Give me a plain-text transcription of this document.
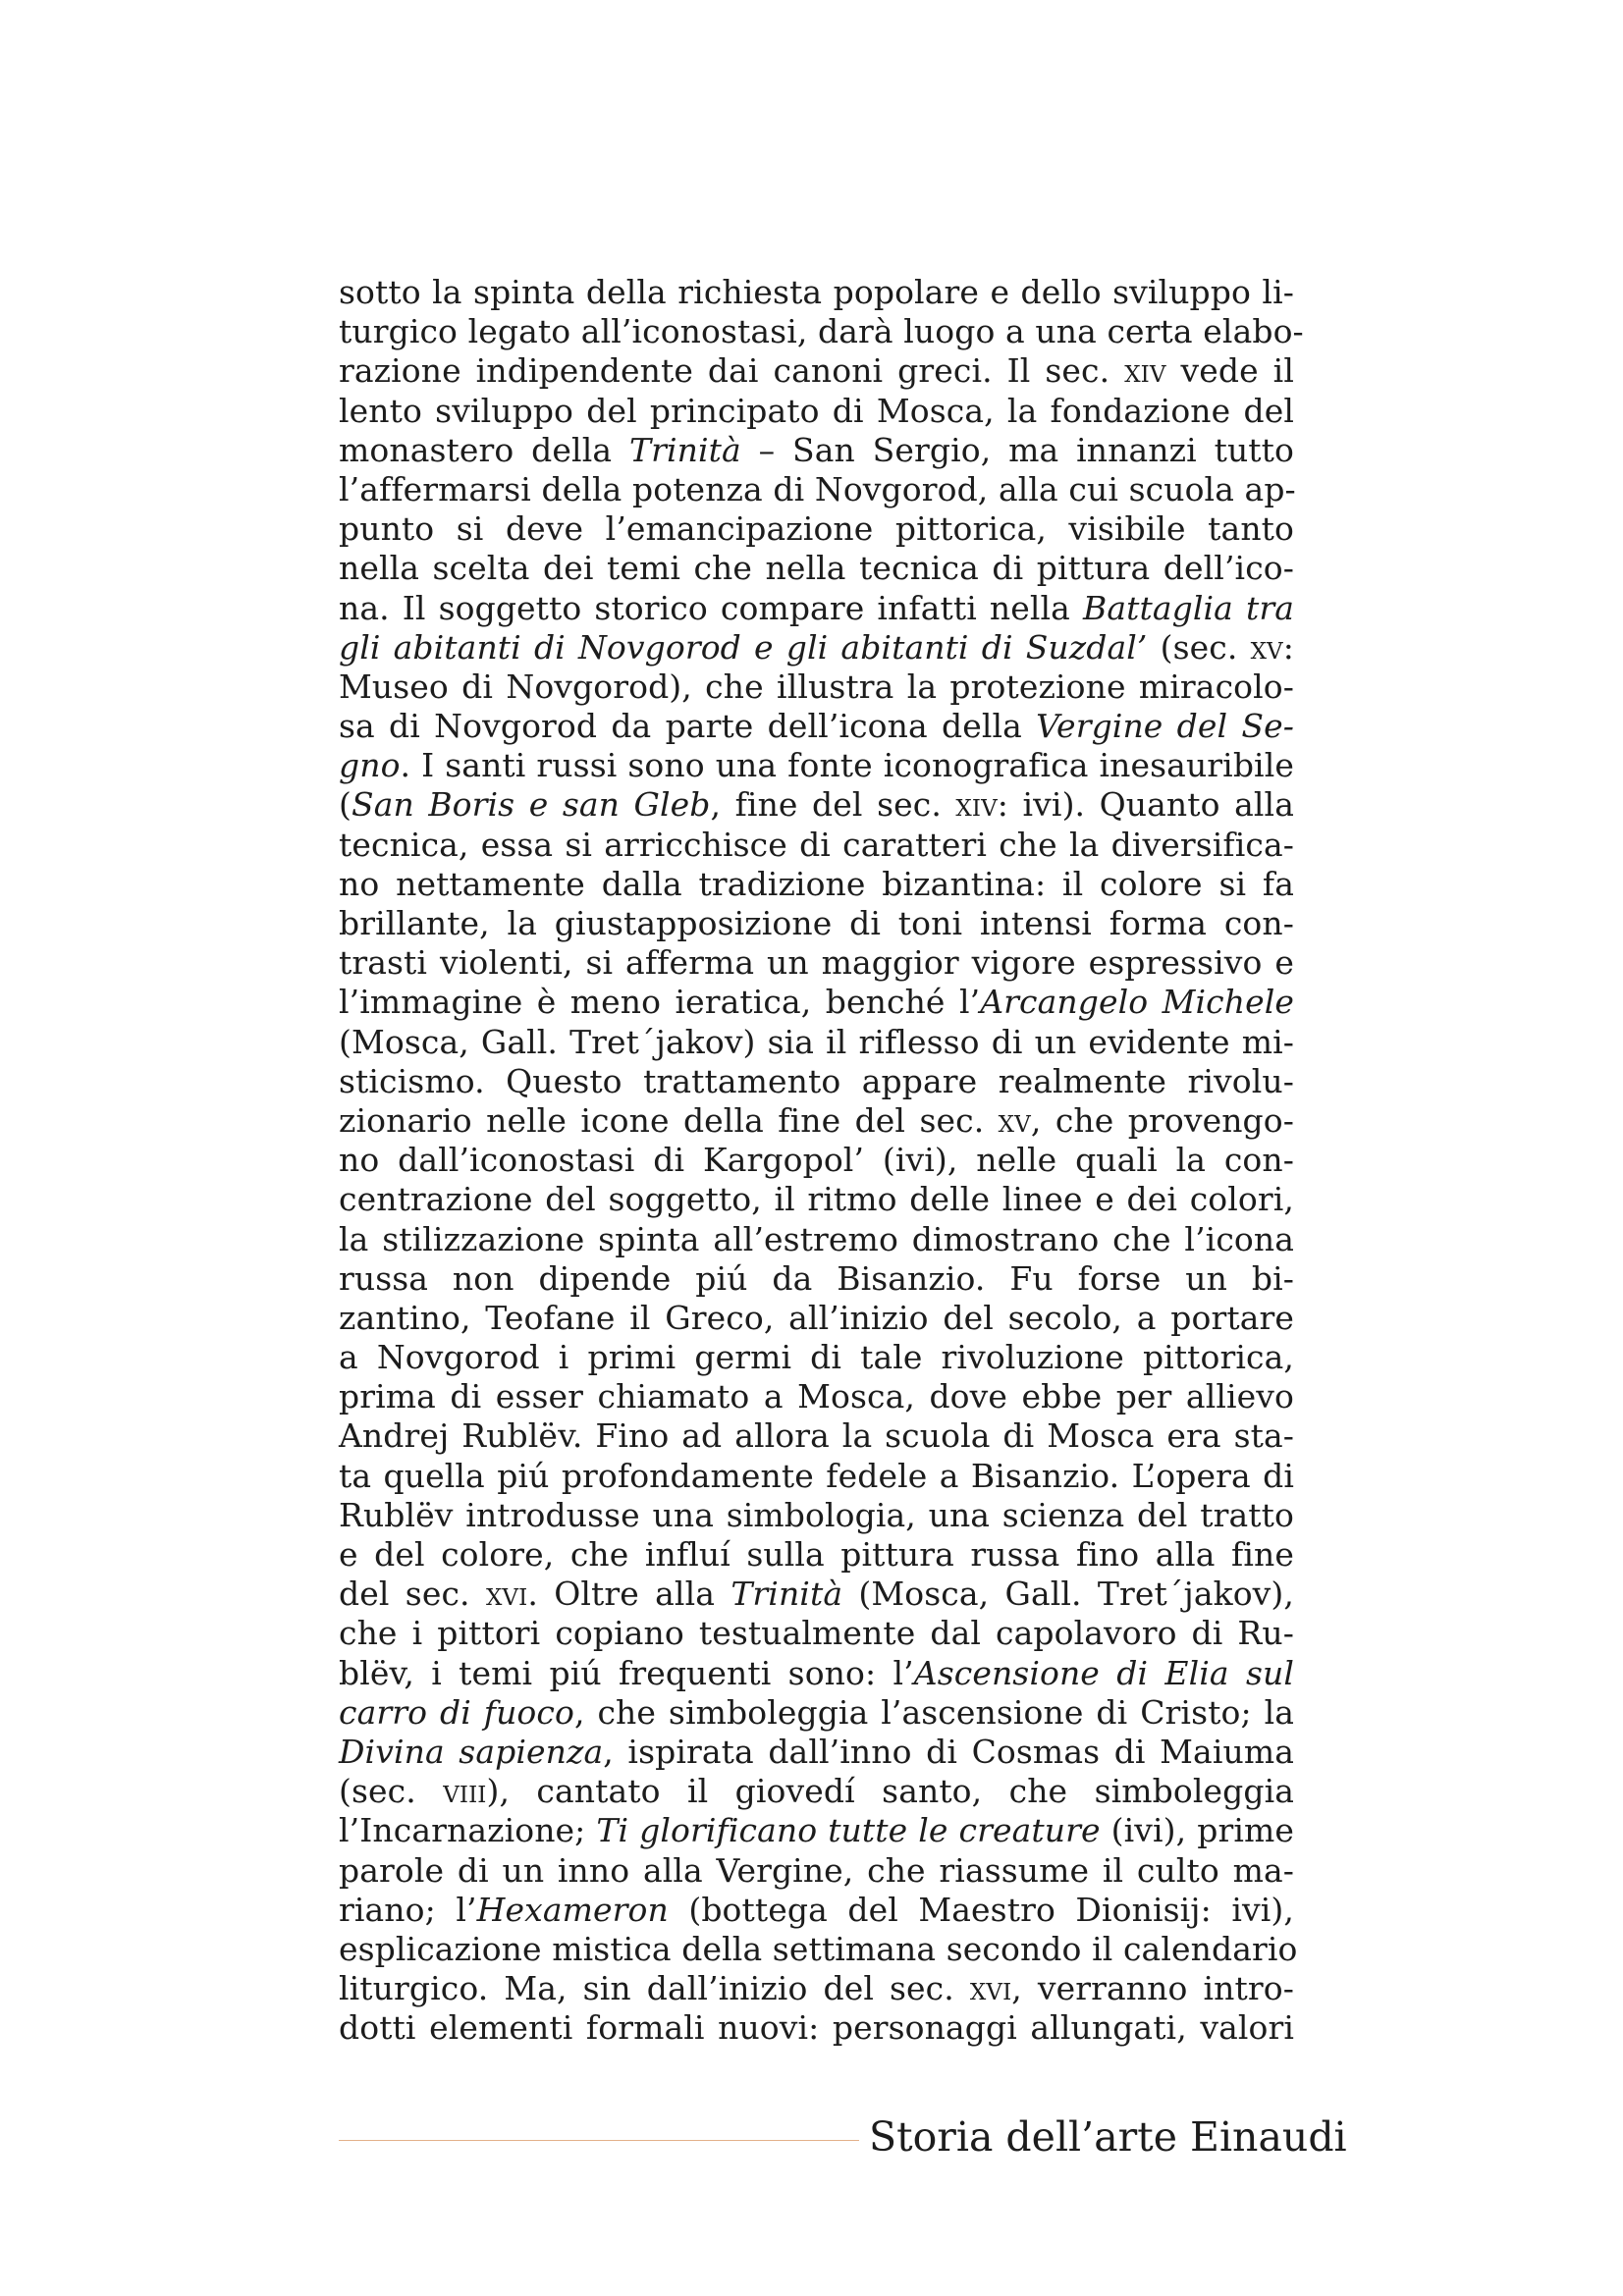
sotto la spinta della richiesta popolare e dello sviluppo li-
turgico legato all’iconostasi, darà luogo a una certa elabo-
razione indipendente dai canoni greci. Il sec. xiv vede il
lento sviluppo del principato di Mosca, la fondazione del
monastero della Trinità – San Sergio, ma innanzi tutto
l’affermarsi della potenza di Novgorod, alla cui scuola ap-
punto si deve l’emancipazione pittorica, visibile tanto
nella scelta dei temi che nella tecnica di pittura dell’ico-
na. Il soggetto storico compare infatti nella Battaglia tra
gli abitanti di Novgorod e gli abitanti di Suzdal’ (sec. xv:
Museo di Novgorod), che illustra la protezione miracolo-
sa di Novgorod da parte dell’icona della Vergine del Se-
gno. I santi russi sono una fonte iconografica inesauribile
(San Boris e san Gleb, fine del sec. xiv: ivi). Quanto alla
tecnica, essa si arricchisce di caratteri che la diversifica-
no nettamente dalla tradizione bizantina: il colore si fa
brillante, la giustapposizione di toni intensi forma con-
trasti violenti, si afferma un maggior vigore espressivo e
l’immagine è meno ieratica, benché l’Arcangelo Michele
(Mosca, Gall. Tret´jakov) sia il riflesso di un evidente mi-
sticismo. Questo trattamento appare realmente rivolu-
zionario nelle icone della fine del sec. xv, che provengo-
no dall’iconostasi di Kargopol’ (ivi), nelle quali la con-
centrazione del soggetto, il ritmo delle linee e dei colori,
la stilizzazione spinta all’estremo dimostrano che l’icona
russa non dipende piú da Bisanzio. Fu forse un bi-
zantino, Teofane il Greco, all’inizio del secolo, a portare
a Novgorod i primi germi di tale rivoluzione pittorica,
prima di esser chiamato a Mosca, dove ebbe per allievo
Andrej Rublëv. Fino ad allora la scuola di Mosca era sta-
ta quella piú profondamente fedele a Bisanzio. L’opera di
Rublëv introdusse una simbologia, una scienza del tratto
e del colore, che influí sulla pittura russa fino alla fine
del sec. xvi. Oltre alla Trinità (Mosca, Gall. Tret´jakov),
che i pittori copiano testualmente dal capolavoro di Ru-
blëv, i temi piú frequenti sono: l’Ascensione di Elia sul
carro di fuoco, che simboleggia l’ascensione di Cristo; la
Divina sapienza, ispirata dall’inno di Cosmas di Maiuma
(sec. viii), cantato il giovedí santo, che simboleggia
l’Incarnazione; Ti glorificano tutte le creature (ivi), prime
parole di un inno alla Vergine, che riassume il culto ma-
riano; l’Hexameron (bottega del Maestro Dionisij: ivi),
esplicazione mistica della settimana secondo il calendario
liturgico. Ma, sin dall’inizio del sec. xvi, verranno intro-
dotti elementi formali nuovi: personaggi allungati, valori
Storia dell’arte Einaudi
